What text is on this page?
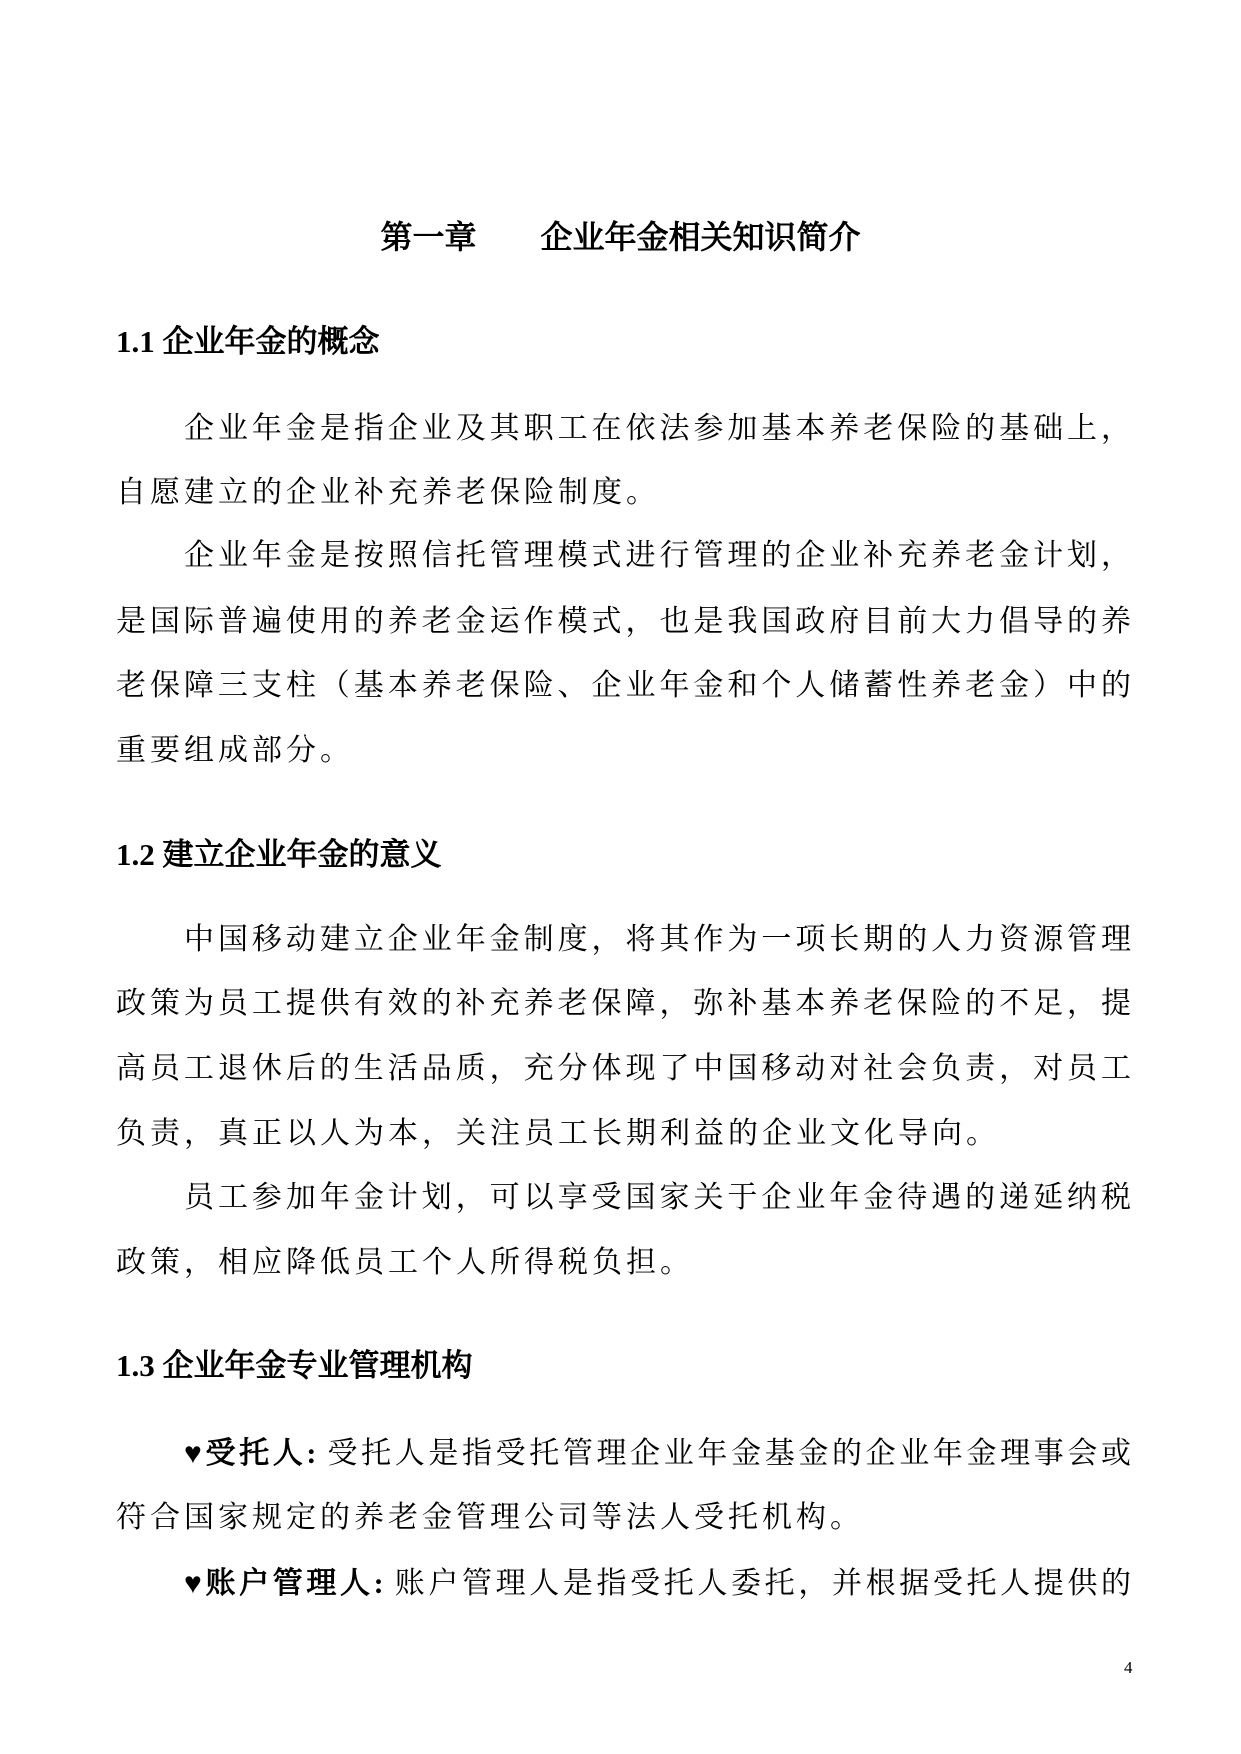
第一章　　企业年金相关知识简介
1.1 企业年金的概念
企业年金是指企业及其职工在依法参加基本养老保险的基础上，
自愿建立的企业补充养老保险制度。
企业年金是按照信托管理模式进行管理的企业补充养老金计划，
是国际普遍使用的养老金运作模式，也是我国政府目前大力倡导的养
老保障三支柱（基本养老保险、企业年金和个人储蓄性养老金）中的
重要组成部分。
1.2 建立企业年金的意义
中国移动建立企业年金制度，将其作为一项长期的人力资源管理
政策为员工提供有效的补充养老保障，弥补基本养老保险的不足，提
高员工退休后的生活品质，充分体现了中国移动对社会负责，对员工
负责，真正以人为本，关注员工长期利益的企业文化导向。
员工参加年金计划，可以享受国家关于企业年金待遇的递延纳税
政策，相应降低员工个人所得税负担。
1.3 企业年金专业管理机构
♥受托人: 受托人是指受托管理企业年金基金的企业年金理事会或
符合国家规定的养老金管理公司等法人受托机构。
♥账户管理人: 账户管理人是指受托人委托，并根据受托人提供的
4
